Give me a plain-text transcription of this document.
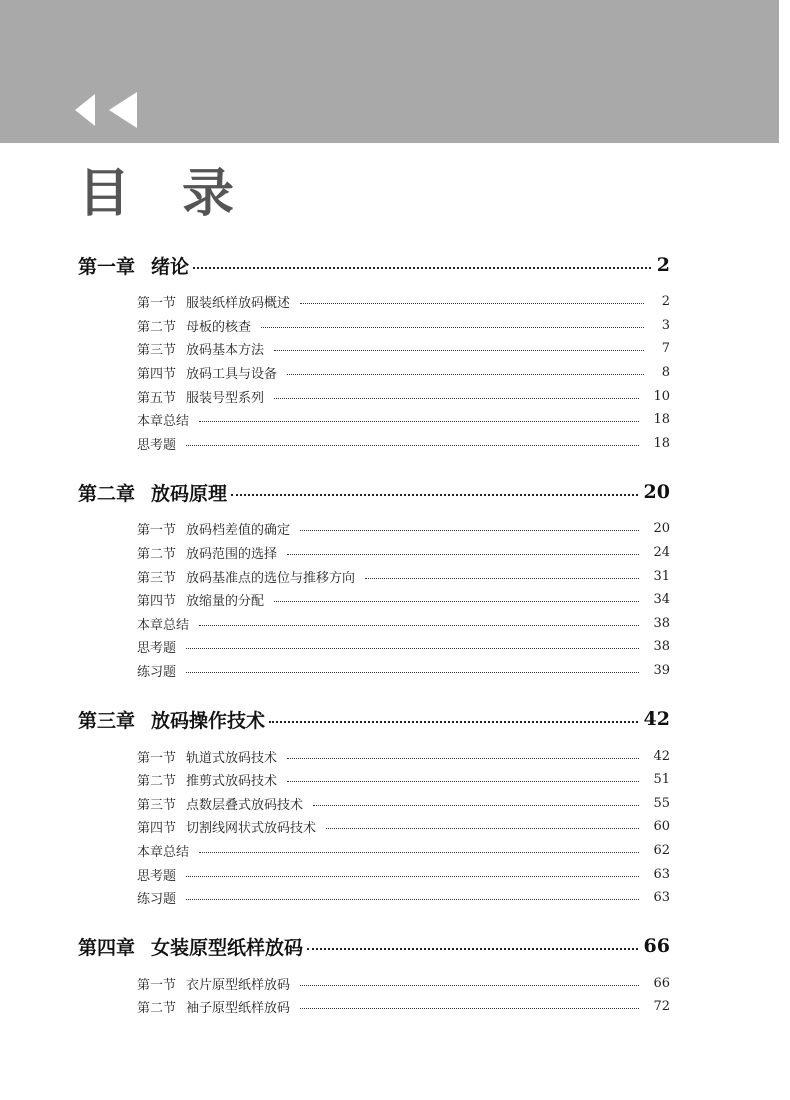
目录
第一章 绪论	2
第一节 服装纸样放码概述	2
第二节 母板的核查	3
第三节 放码基本方法	7
第四节 放码工具与设备	8
第五节 服装号型系列	10
本章总结	18
思考题	18
第二章 放码原理	20
第一节 放码档差值的确定	20
第二节 放码范围的选择	24
第三节 放码基准点的选位与推移方向	31
第四节 放缩量的分配	34
本章总结	38
思考题	38
练习题	39
第三章 放码操作技术	42
第一节 轨道式放码技术	42
第二节 推剪式放码技术	51
第三节 点数层叠式放码技术	55
第四节 切割线网状式放码技术	60
本章总结	62
思考题	63
练习题	63
第四章 女装原型纸样放码	66
第一节 衣片原型纸样放码	66
第二节 袖子原型纸样放码	72
